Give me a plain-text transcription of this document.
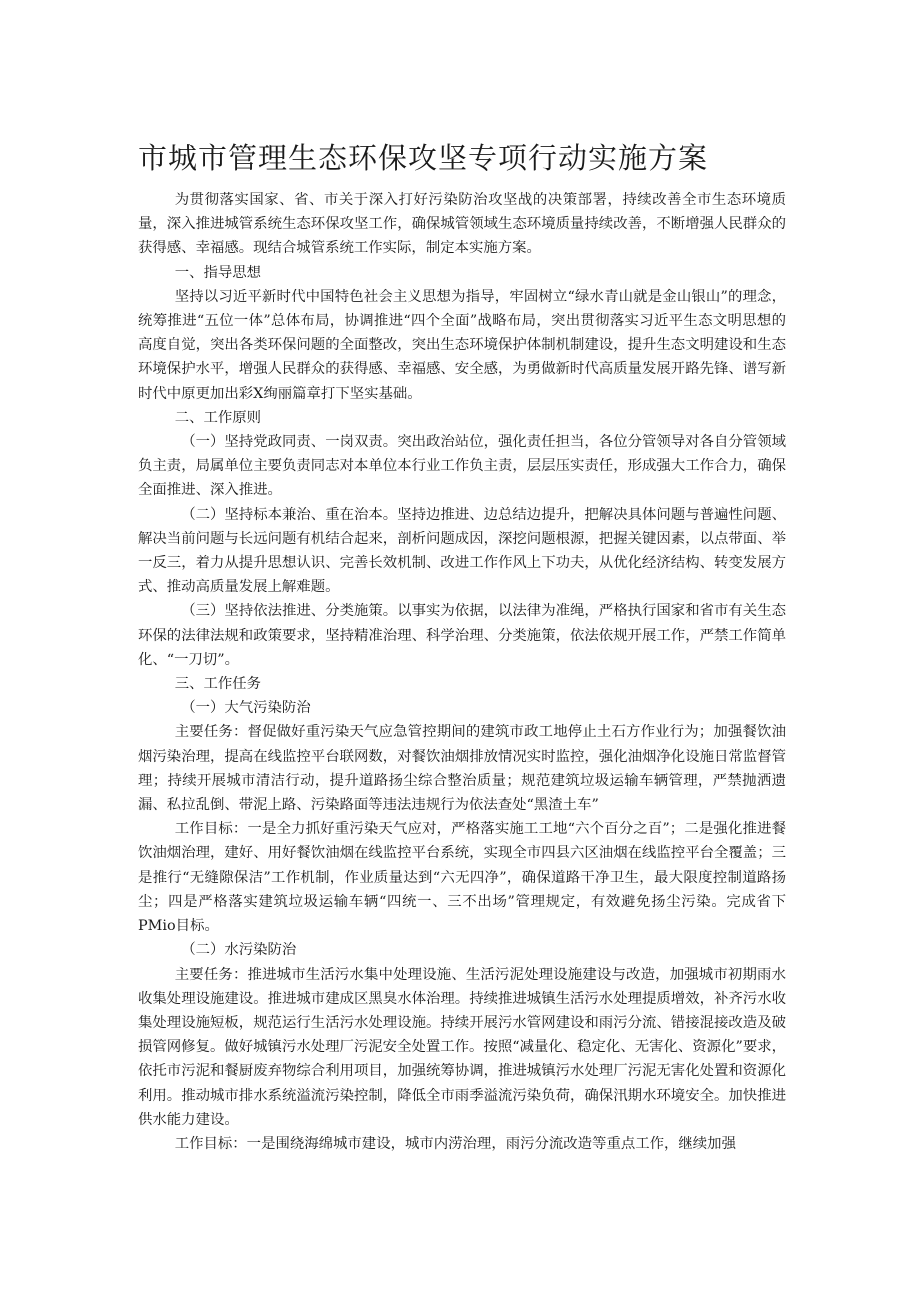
市城市管理生态环保攻坚专项行动实施方案

为贯彻落实国家、省、市关于深入打好污染防治攻坚战的决策部署，持续改善全市生态环境质量，深入推进城管系统生态环保攻坚工作，确保城管领域生态环境质量持续改善，不断增强人民群众的获得感、幸福感。现结合城管系统工作实际，制定本实施方案。

一、指导思想

坚持以习近平新时代中国特色社会主义思想为指导，牢固树立“绿水青山就是金山银山”的理念，统筹推进“五位一体”总体布局，协调推进“四个全面”战略布局，突出贯彻落实习近平生态文明思想的高度自觉，突出各类环保问题的全面整改，突出生态环境保护体制机制建设，提升生态文明建设和生态环境保护水平，增强人民群众的获得感、幸福感、安全感，为勇做新时代高质量发展开路先锋、谱写新时代中原更加出彩X绚丽篇章打下坚实基础。

二、工作原则

（一）坚持党政同责、一岗双责。突出政治站位，强化责任担当，各位分管领导对各自分管领域负主责，局属单位主要负责同志对本单位本行业工作负主责，层层压实责任，形成强大工作合力，确保全面推进、深入推进。

（二）坚持标本兼治、重在治本。坚持边推进、边总结边提升，把解决具体问题与普遍性问题、解决当前问题与长远问题有机结合起来，剖析问题成因，深挖问题根源，把握关键因素，以点带面、举一反三，着力从提升思想认识、完善长效机制、改进工作作风上下功夫，从优化经济结构、转变发展方式、推动高质量发展上解难题。

（三）坚持依法推进、分类施策。以事实为依据，以法律为准绳，严格执行国家和省市有关生态环保的法律法规和政策要求，坚持精准治理、科学治理、分类施策，依法依规开展工作，严禁工作简单化、“一刀切”。

三、工作任务

（一）大气污染防治

主要任务：督促做好重污染天气应急管控期间的建筑市政工地停止土石方作业行为；加强餐饮油烟污染治理，提高在线监控平台联网数，对餐饮油烟排放情况实时监控，强化油烟净化设施日常监督管理；持续开展城市清洁行动，提升道路扬尘综合整治质量；规范建筑垃圾运输车辆管理，严禁抛洒遗漏、私拉乱倒、带泥上路、污染路面等违法违规行为依法查处“黑渣土车”

工作目标：一是全力抓好重污染天气应对，严格落实施工工地“六个百分之百”；二是强化推进餐饮油烟治理，建好、用好餐饮油烟在线监控平台系统，实现全市四县六区油烟在线监控平台全覆盖；三是推行“无缝隙保洁”工作机制，作业质量达到“六无四净”，确保道路干净卫生，最大限度控制道路扬尘；四是严格落实建筑垃圾运输车辆“四统一、三不出场”管理规定，有效避免扬尘污染。完成省下PMio目标。

（二）水污染防治

主要任务：推进城市生活污水集中处理设施、生活污泥处理设施建设与改造，加强城市初期雨水收集处理设施建设。推进城市建成区黑臭水体治理。持续推进城镇生活污水处理提质增效，补齐污水收集处理设施短板，规范运行生活污水处理设施。持续开展污水管网建设和雨污分流、错接混接改造及破损管网修复。做好城镇污水处理厂污泥安全处置工作。按照“减量化、稳定化、无害化、资源化”要求，依托市污泥和餐厨废弃物综合利用项目，加强统筹协调，推进城镇污水处理厂污泥无害化处置和资源化利用。推动城市排水系统溢流污染控制，降低全市雨季溢流污染负荷，确保汛期水环境安全。加快推进供水能力建设。

工作目标：一是围绕海绵城市建设，城市内涝治理，雨污分流改造等重点工作，继续加强
